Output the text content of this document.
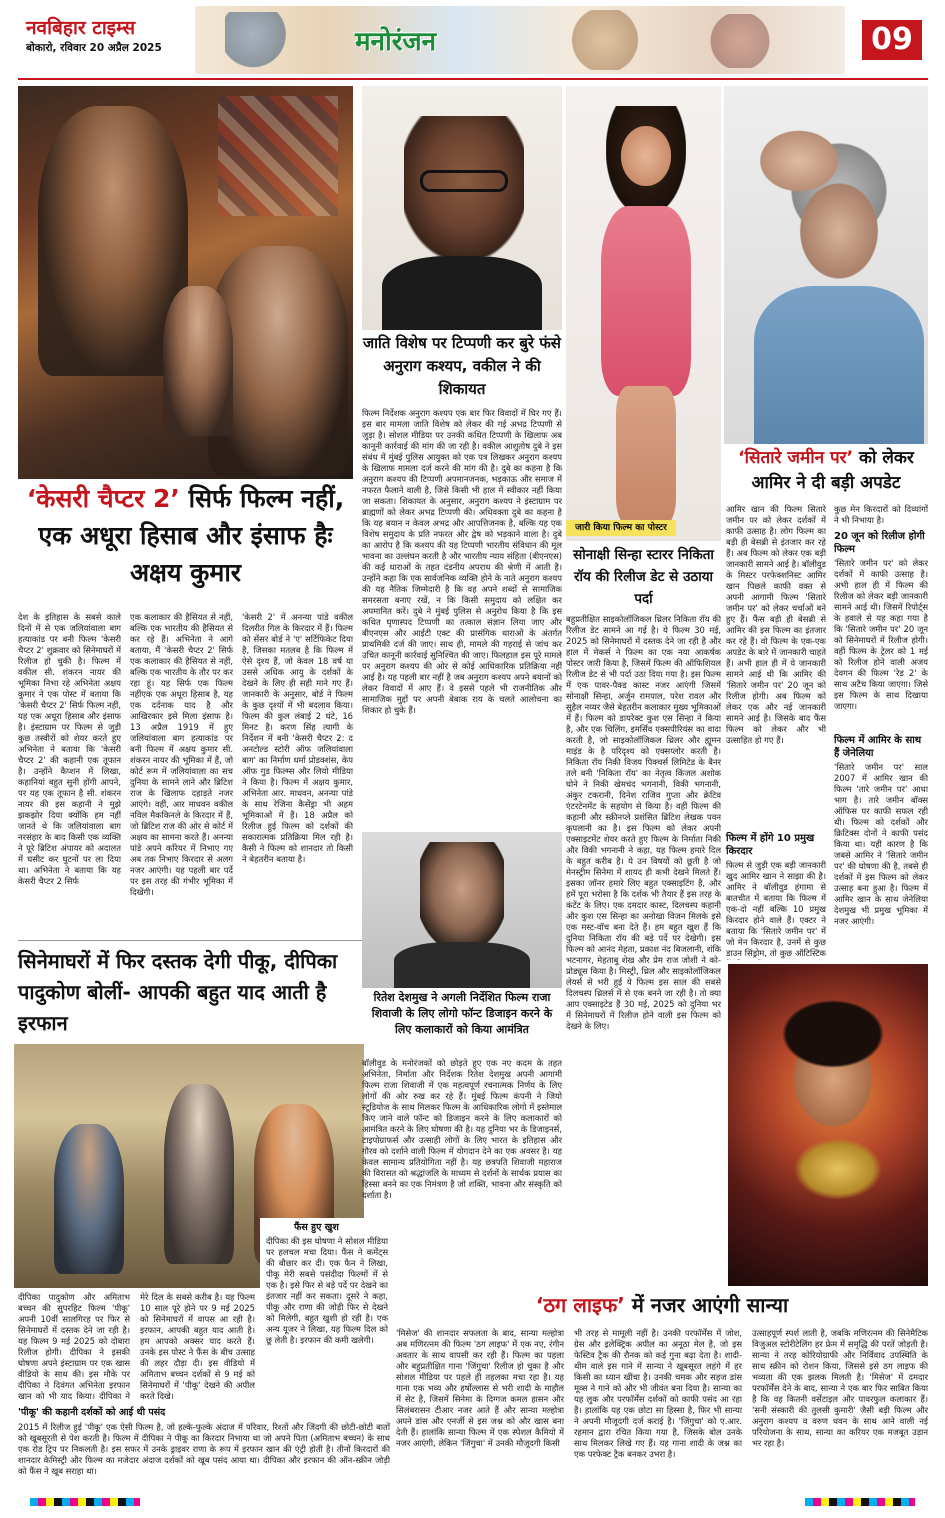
नवबिहार टाइम्स
बोकारो, रविवार 20 अप्रैल 2025	मनोरंजन	09
‘केसरी चैप्टर 2’ सिर्फ फिल्म नहीं, एक अधूरा हिसाब और इंसाफ हैः अक्षय कुमार
देश के इतिहास के सबसे काले दिनों में से एक जलियांवाला बाग हत्याकांड पर बनी फिल्म 'केसरी चैप्टर 2' शुक्रवार को सिनेमाघरों में रिलीज हो चुकी है। फिल्म में वकील सी. शंकरन नायर की भूमिका निभा रहे अभिनेता अक्षय कुमार ने एक पोस्ट में बताया कि 'केसरी चैप्टर 2' सिर्फ फिल्म नहीं, यह एक अधूरा हिसाब और इंसाफ है। इंस्टाग्राम पर फिल्म से जुड़ी कुछ तस्वीरों को शेयर करते हुए अभिनेता ने बताया कि 'केसरी चैप्टर 2' की कहानी एक तूफान है। उन्होंने कैप्शन में लिखा, कहानियां बहुत सुनी होंगी आपने, पर यह एक तूफान है सी. शंकरन नायर की इस कहानी ने मुझे झकझोर दिया क्योंकि हम नहीं जानते थे कि जलियांवाला बाग नरसंहार के बाद किसी एक व्यक्ति ने पूरे ब्रिटिश अंपायर को अदालत में घसीट कर घुटनों पर ला दिया था। अभिनेता ने बताया कि यह केसरी चैप्टर 2 सिर्फ
एक कलाकार की हैसियत से नहीं, बल्कि एक भारतीय की हैसियत से कर रहे हैं। अभिनेता ने आगे बताया, मैं 'केसरी चैप्टर 2' सिर्फ एक कलाकार की हैसियत से नहीं, बल्कि एक भारतीय के तौर पर कर रहा हूं। यह सिर्फ एक फिल्म नहींएक एक अधूरा हिसाब है, यह एक दर्दनाक याद है और आखिरकार इसे मिला इंसाफ है। 13 अप्रैल 1919 में हुए जलियांवाला बाग हत्याकांड पर बनी फिल्म में अक्षय कुमार सी. शंकरन नायर की भूमिका में हैं, जो कोर्ट रूम में जलियांवाला का सच दुनिया के सामने लाने और ब्रिटिश राज के खिलाफ दहाड़ते नजर आएंगे। वहीं, आर माधवन वकील नविल मैककिनले के किरदार में हैं, जो ब्रिटिश राज की ओर से कोर्ट में अक्षय का सामना करते हैं। अनन्या पांडे अपने करियर में निभाए गए अब तक निभाए किरदार से अलग नजर आएंगी। यह पहली बार पर्दे पर इस तरह की गंभीर भूमिका में दिखेंगी।
'केसरी 2' में अनन्या पांडे वकील दिलरीत गिल के किरदार में हैं। फिल्म को सेंसर बोर्ड ने 'ए' सर्टिफिकेट दिया है, जिसका मतलब है कि फिल्म में ऐसे दृश्य हैं, जो केवल 18 वर्ष या उससे अधिक आयु के दर्शकों के देखने के लिए ही सही माने गए हैं। जानकारी के अनुसार, बोर्ड ने फिल्म के कुछ दृश्यों में भी बदलाव किया। फिल्म की कुल लंबाई 2 घंटे, 16 मिनट है। करण सिंह त्यागी के निर्देशन में बनी 'केसरी चैप्टर 2: द अनटोल्ड स्टोरी ऑफ जलियांवाला बाग' का निर्माण धर्मा प्रोडक्शंस, केप ऑफ गुड फिल्म्स और लियो मीडिया ने किया है। फिल्म में अक्षय कुमार, अभिनेता आर. माधवन, अनन्या पांडे के साथ रेजिना कैसेंड्रा भी अहम भूमिकाओं में हैं। 18 अप्रैल को रिलीज हुई फिल्म को दर्शकों की सकारात्मक प्रतिक्रिया मिल रही है। कैसी ने फिल्म को शानदार तो किसी ने बेहतरीन बताया है।
सिनेमाघरों में फिर दस्तक देगी पीकू, दीपिका पादुकोण बोलीं- आपकी बहुत याद आती है इरफान
फैंस हुए खुश
दीपिका की इस घोषणा ने सोशल मीडिया पर हलचल मचा दिया। फैंस ने कमेंट्स की बौछार कर दी। एक फैन ने लिखा, पीकू मेरी सबसे पसंदीदा फिल्मों में से एक है। इसे फिर से बड़े पर्दे पर देखने का इंतजार नहीं कर सकता। दूसरे ने कहा, पीकू और राणा की जोड़ी फिर से देखने को मिलेगी, बहुत खुशी हो रही है। एक अन्य यूजर ने लिखा, यह फिल्म दिल को छू लेती है। इरफान की कमी खलेगी।
दीपिका पादुकोण और अमिताभ बच्चन की सुपरहिट फिल्म 'पीकू' अपनी 10वीं सालगिरह पर फिर से सिनेमाघरों में दस्तक देने जा रही है। यह फिल्म 9 मई 2025 को दोबारा रिलीज होगी। दीपिका ने इसकी घोषणा अपने इंस्टाग्राम पर एक खास वीडियो के साथ की। इस मौके पर दीपिका ने दिवंगत अभिनेता इरफान खान को भी याद किया। दीपिका ने
मेरे दिल के सबसे करीब है। यह फिल्म 10 साल पूरे होने पर 9 मई 2025 को सिनेमाघरों में वापस आ रही है। इरफान, आपकी बहुत याद आती है। हम आपको अक्सर याद करते हैं। उनके इस पोस्ट ने फैंस के बीच उत्साह की लहर दौड़ा दी। इस वीडियो में अमिताभ बच्चन दर्शकों से 9 मई को सिनेमाघरों में 'पीकू' देखने की अपील करते दिखे।
'पीकू' की कहानी दर्शकों को आई थी पसंद
2015 में रिलीज हुई 'पीकू' एक ऐसी फिल्म है, जो हल्के-फुल्के अंदाज में परिवार, रिश्तों और जिंदगी की छोटी-छोटी बातों को खूबसूरती से पेश करती है। फिल्म में दीपिका ने पीकू का किरदार निभाया था जो अपने पिता (अमिताभ बच्चन) के साथ एक रोड ट्रिप पर निकलती है। इस सफर में उनके ड्राइवर राणा के रूप में इरफान खान की एंट्री होती है। तीनों किरदारों की शानदार केमिस्ट्री और फिल्म का मजेदार अंदाज दर्शकों को खूब पसंद आया था। दीपिका और इरफान की ऑन-स्क्रीन जोड़ी को फैंस ने खूब सराहा था।
जाति विशेष पर टिप्पणी कर बुरे फंसे अनुराग कश्यप, वकील ने की शिकायत
फिल्म निर्देशक अनुराग कश्यप एक बार फिर विवादों में घिर गए हैं। इस बार मामला जाति विशेष को लेकर की गई अभद्र टिप्पणी से जुड़ा है। सोशल मीडिया पर उनकी कथित टिप्पणी के खिलाफ अब कानूनी कार्रवाई की मांग की जा रही है। वकील आशुतोष दुबे ने इस संबंध में मुंबई पुलिस आयुक्त को एक पत्र लिखकर अनुराग कश्यप के खिलाफ मामला दर्ज करने की मांग की है। दुबे का कहना है कि अनुराग कश्यप की टिप्पणी अपमानजनक, भड़काऊ और समाज में नफरत फैलाने वाली है, जिसे किसी भी हाल में स्वीकार नहीं किया जा सकता। शिकायत के अनुसार, अनुराग कश्यप ने इंस्टाग्राम पर ब्राह्मणों को लेकर अभद्र टिप्पणी की। अधिवक्ता दुबे का कहना है कि यह बयान न केवल अभद्र और आपत्तिजनक है, बल्कि यह एक विशेष समुदाय के प्रति नफरत और द्वेष को भड़काने वाला है। दुबे का आरोप है कि कश्यप की यह टिप्पणी भारतीय संविधान की मूल भावना का उल्लंघन करती है और भारतीय न्याय संहिता (बीएनएस) की कई धाराओं के तहत दंडनीय अपराध की श्रेणी में आती है। उन्होंने कहा कि एक सार्वजनिक व्यक्ति होने के नाते अनुराग कश्यप की यह नैतिक जिम्मेदारी है कि वह अपने शब्दों से सामाजिक समरसता बनाए रखें, न कि किसी समुदाय को लक्षित कर अपमानित करें। दुबे ने मुंबई पुलिस से अनुरोध किया है कि इस कथित घृणास्पद टिप्पणी का तत्काल संज्ञान लिया जाए और बीएनएस और आईटी एक्ट की प्रासंगिक धाराओं के अंतर्गत प्राथमिकी दर्ज की जाए। साथ ही, मामले की गहराई से जांच कर उचित कानूनी कार्रवाई सुनिश्चित की जाए। फिलहाल इस पूरे मामले पर अनुराग कश्यप की ओर से कोई आधिकारिक प्रतिक्रिया नहीं आई है। यह पहली बार नहीं है जब अनुराग कश्यप अपने बयानों को लेकर विवादों में आए हैं। वे इससे पहले भी राजनीतिक और सामाजिक मुद्दों पर अपनी बेबाक राय के चलते आलोचना का शिकार हो चुके हैं।
रितेश देशमुख ने अगली निर्देशित फिल्म राजा शिवाजी के लिए लोगो फॉन्ट डिजाइन करने के लिए कलाकारों को किया आमंत्रित
बॉलीवुड के मनोरंजकों को छोड़ते हुए एक नए कदम के तहत अभिनेता, निर्माता और निर्देशक रितेश देशमुख अपनी आगामी फिल्म राजा शिवाजी में एक महत्वपूर्ण रचनात्मक निर्णय के लिए लोगों की ओर रुख कर रहे हैं। मुंबई फिल्म कंपनी ने जियो स्टूडियोज के साथ मिलकर फिल्म के आधिकारिक लोगो में इस्तेमाल किए जाने वाले फॉन्ट को डिजाइन करने के लिए कलाकारों को आमंत्रित करने के लिए घोषणा की है। यह दुनिया भर के डिजाइनर्स, टाइपोग्राफर्स और उत्साही लोगों के लिए भारत के इतिहास और गौरव को दर्शाने वाली फिल्म में योगदान देने का एक अवसर है। यह केवल सामान्य प्रतियोगिता नहीं है। यह छत्रपति शिवाजी महाराज की विरासत को श्रद्धांजलि के माध्यम से दर्शनों के सार्थक प्रयास का हिस्सा बनने का एक निमंत्रण है जो शक्ति, भावना और संस्कृति को दर्शाता है।
जारी किया फिल्म का पोस्टर
सोनाक्षी सिन्हा स्टारर निकिता रॉय की रिलीज डेट से उठाया पर्दा
बहुप्रतीक्षित साइकोलॉजिकल थ्रिलर निकिता रॉय की रिलीज डेट सामने आ गई है। ये फिल्म 30 मई, 2025 को सिनेमाघरों में दस्तक देने जा रही है और हाल में मेकर्स ने फिल्म का एक नया आकर्षक पोस्टर जारी किया है, जिसमें फिल्म की ऑफिशियल रिलीज डेट से भी पर्दा उठा दिया गया है। इस फिल्म में एक पावर-पैक्ड कास्ट नजर आएंगी जिसमें सोनाक्षी सिन्हा, अर्जुन रामपाल, परेश रावल और सुहैल नय्यर जैसे बेहतरीन कलाकार मुख्य भूमिकाओं में हैं। फिल्म को डायरेक्ट कुश एस सिन्हा ने किया है, और एक चिलिंग, इमर्सिव एक्सपीरियंस का वादा करती है, जो साइकोलॉजिकल थ्रिलर और ह्यूमन माइंड के है परिदृश्य को एक्सप्लोर करती है। निकिता रॉय निकी विजय पिक्चर्स लिमिटेड के बैनर तले बनी 'निकिता रॉय' का नेतृत्व किंजल अशोक घोने ने निकी खेमचंद भगनानी, विकी भगनानी, अंकुर टकरानी, दिनेश राजिव गुप्ता और क्रेटिव एंटरटेनमेंट के सहयोग से किया है। वहीं फिल्म की कहानी और स्क्रीनप्ले प्रशंसित ब्रिटिश लेखक पवन कृपलानी का है। इस फिल्म को लेकर अपनी एक्साइटमेंट शेयर करते हुए फिल्म के निर्माता निकी और विकी भगनानी ने कहा, यह फिल्म हमारे दिल के बहुत करीब है। ये उन विषयों को छूती है जो मेनस्ट्रीम सिनेमा में शायद ही कभी देखने मिलते हैं। इसका जॉनर हमारे लिए बहुत एक्साइटिंग है, और हमें पूरा भरोसा है कि दर्शक भी तैयार हैं इस तरह के कंटेंट के लिए। एक दमदार कास्ट, दिलचस्प कहानी और कुश एस सिन्हा का अनोखा विजन मिलके इसे एक मस्ट-वॉच बना देते हैं। हम बहुत खुश हैं कि दुनिया निकिता रॉय की बड़े पर्दे पर देखेगी। इस फिल्म को आनंद मेहता, प्रकाश नंद बिजलानी, शंकि भटनागर, मेहताबु शेख और प्रेम राज जोशी ने को-प्रोड्यूस किया है। मिस्ट्री, थ्रिल और साइकोलॉजिकल लेयर्स से भरी हुई ये फिल्म इस साल की सबसे दिलचस्प थ्रिलर्स में से एक बनने जा रही है। तो क्या आप एक्साइटेड हैं 30 मई, 2025 को दुनिया भर में सिनेमाघरों में रिलीज होने वाली इस फिल्म को देखने के लिए।
‘सितारे जमीन पर’ को लेकर आमिर ने दी बड़ी अपडेट
आमिर खान की फिल्म सितारे जमीन पर को लेकर दर्शकों में काफी उत्साह है। लोग फिल्म का बड़ी ही बेसब्री से इंतजार कर रहे हैं। अब फिल्म को लेकर एक बड़ी जानकारी सामने आई है। बॉलीवुड के मिस्टर परफेक्शनिस्ट आमिर खान पिछले काफी वक्त से अपनी आगामी फिल्म 'सितारे जमीन पर' को लेकर चर्चाओं बने हुए हैं। फैंस बड़ी ही बेसब्री से आमिर की इस फिल्म का इंतजार कर रहे हैं। वो फिल्म के एक-एक अपडेट के बारे में जानकारी चाहते हैं। अभी हाल ही में ये जानकारी सामने आई थी कि आमिर की 'सितारे जमीन पर' 20 जून को रिलीज होगी। अब फिल्म को लेकर एक और नई जानकारी सामने आई है। जिसके बाद फैंस फिल्म को लेकर और भी उत्साहित हो गए हैं।
फिल्म में होंगे 10 प्रमुख किरदार
फिल्म से जुड़ी एक बड़ी जानकारी खुद आमिर खान ने साझा की है। आमिर ने बॉलीवुड हंगामा से बातचीत में बताया कि फिल्म में एक-दो नहीं बल्कि 10 प्रमुख किरदार होने वाले हैं। एक्टर ने बताया कि 'सितारे जमीन पर' में जो मेन किरदार है, उनमें से कुछ डाउन सिंड्रोम, तो कुछ ऑटिस्टिक
कुछ मेन किरदारों को दिव्यांगों ने भी निभाया है।
20 जून को रिलीज होगी फिल्म
'सितारे जमीन पर' को लेकर दर्शकों में काफी उत्साह है। अभी हाल ही में फिल्म की रिलीज को लेकर बड़ी जानकारी सामने आई थी। जिसमें रिपोर्ट्स के हवाले से यह कहा गया है कि 'सितारे जमीन पर' 20 जून को सिनेमाघरों में रिलीज होगी। वहीं फिल्म के ट्रेलर को 1 मई को रिलीज होने वाली अजय देवगन की फिल्म 'रेड 2' के साथ अटैच किया जाएगा। जिसे इस फिल्म के साथ दिखाया जाएगा।
फिल्म में आमिर के साथ हैं जेनेलिया
'सितारे जमीन पर' साल 2007 में आमिर खान की फिल्म 'तारे जमीन पर' आधा भाग है। तारे जमीन बॉक्स ऑफिस पर काफी सफल रही थी। फिल्म को दर्शकों और क्रिटिक्स दोनों ने काफी पसंद किया था। यही कारण है कि जबसे आमिर ने 'सितारे जमीन पर' की घोषणा की है, तबसे ही दर्शकों में इस फिल्म को लेकर उत्साह बना हुआ है। फिल्म में आमिर खान के साथ जेनेलिया देशमुख भी प्रमुख भूमिका में नजर आएंगी।
‘ठग लाइफ’ में नजर आएंगी सान्या
'मिसेज' की शानदार सफलता के बाद, सान्या मल्होत्रा अब मणिरत्नम की फिल्म 'ठग लाइफ' में एक नए, रंगीन अवतार के साथ वापसी कर रही हैं। फिल्म का पहला और बहुप्रतीक्षित गाना 'जिंगुचा' रिलीज हो चुका है और सोशल मीडिया पर पहले ही तहलका मचा रहा है। यह गाना एक भव्य और हर्षोल्लास से भरी शादी के माहौल में सेट है, जिसमें सिनेमा के दिग्गज कमल हासन और सिलंबरासन टीआर नजर आते हैं और सान्या मल्होत्रा अपने डांस और एनर्जी से इस जश्न को और खास बना देती हैं। हालांकि सान्या फिल्म में एक स्पेशल कैमियो में नजर आएंगी, लेकिन 'जिंगुचा' में उनकी मौजूदगी किसी
भी तरह से मामूली नहीं है। उनकी परफॉर्मेंस में जोश, ग्रेस और इलेक्ट्रिक अपील का अनूठा मेल है, जो इस फेस्टिव ट्रैक की रौनक को कई गुना बढ़ा देता है। शादी-थीम वाले इस गाने में सान्या ने खूबसूरत लहंगे में हर किसी का ध्यान खींचा है। उनकी चमक और सहज डांस मूव्स ने गाने को और भी जीवंत बना दिया है। सान्या का यह लुक और परफॉर्मेंस दर्शकों को काफी पसंद आ रहा है। हालांकि यह एक छोटा सा हिस्सा है, फिर भी सान्या ने अपनी मौजूदगी दर्ज कराई है। 'जिंगुचा' को ए.आर. रहमान द्वारा रचित किया गया है, जिसके बोल उनके साथ मिलकर लिखे गए हैं। यह गाना शादी के जश्न का एक परफेक्ट ट्रैक बनकर उभरा है।
उत्साहपूर्ण स्पर्श लाती है, जबकि मणिरत्नम की सिनेमैटिक विजुअल स्टोरीटेलिंग हर फ्रेम में समृद्धि की परतें जोड़ती है। सान्या ने तरह कोरियोग्राफी और निर्विवाद उपस्थिति के साथ स्क्रीन को रोशन किया, जिससे इसे ठग लाइफ की भव्यता की एक झलक मिलती है। 'मिसेज' में दमदार परफॉर्मेंस देने के बाद, सान्या ने एक बार फिर साबित किया है कि वह कितनी वर्सेटाइल और पावरफुल कलाकार हैं। 'सनी संस्कारी की तुलसी कुमारी' जैसी बड़ी फिल्म और अनुराग कश्यप व वरुण धवन के साथ आने वाली नई परियोजना के साथ, सान्या का करियर एक मजबूत उड़ान भर रहा है।
